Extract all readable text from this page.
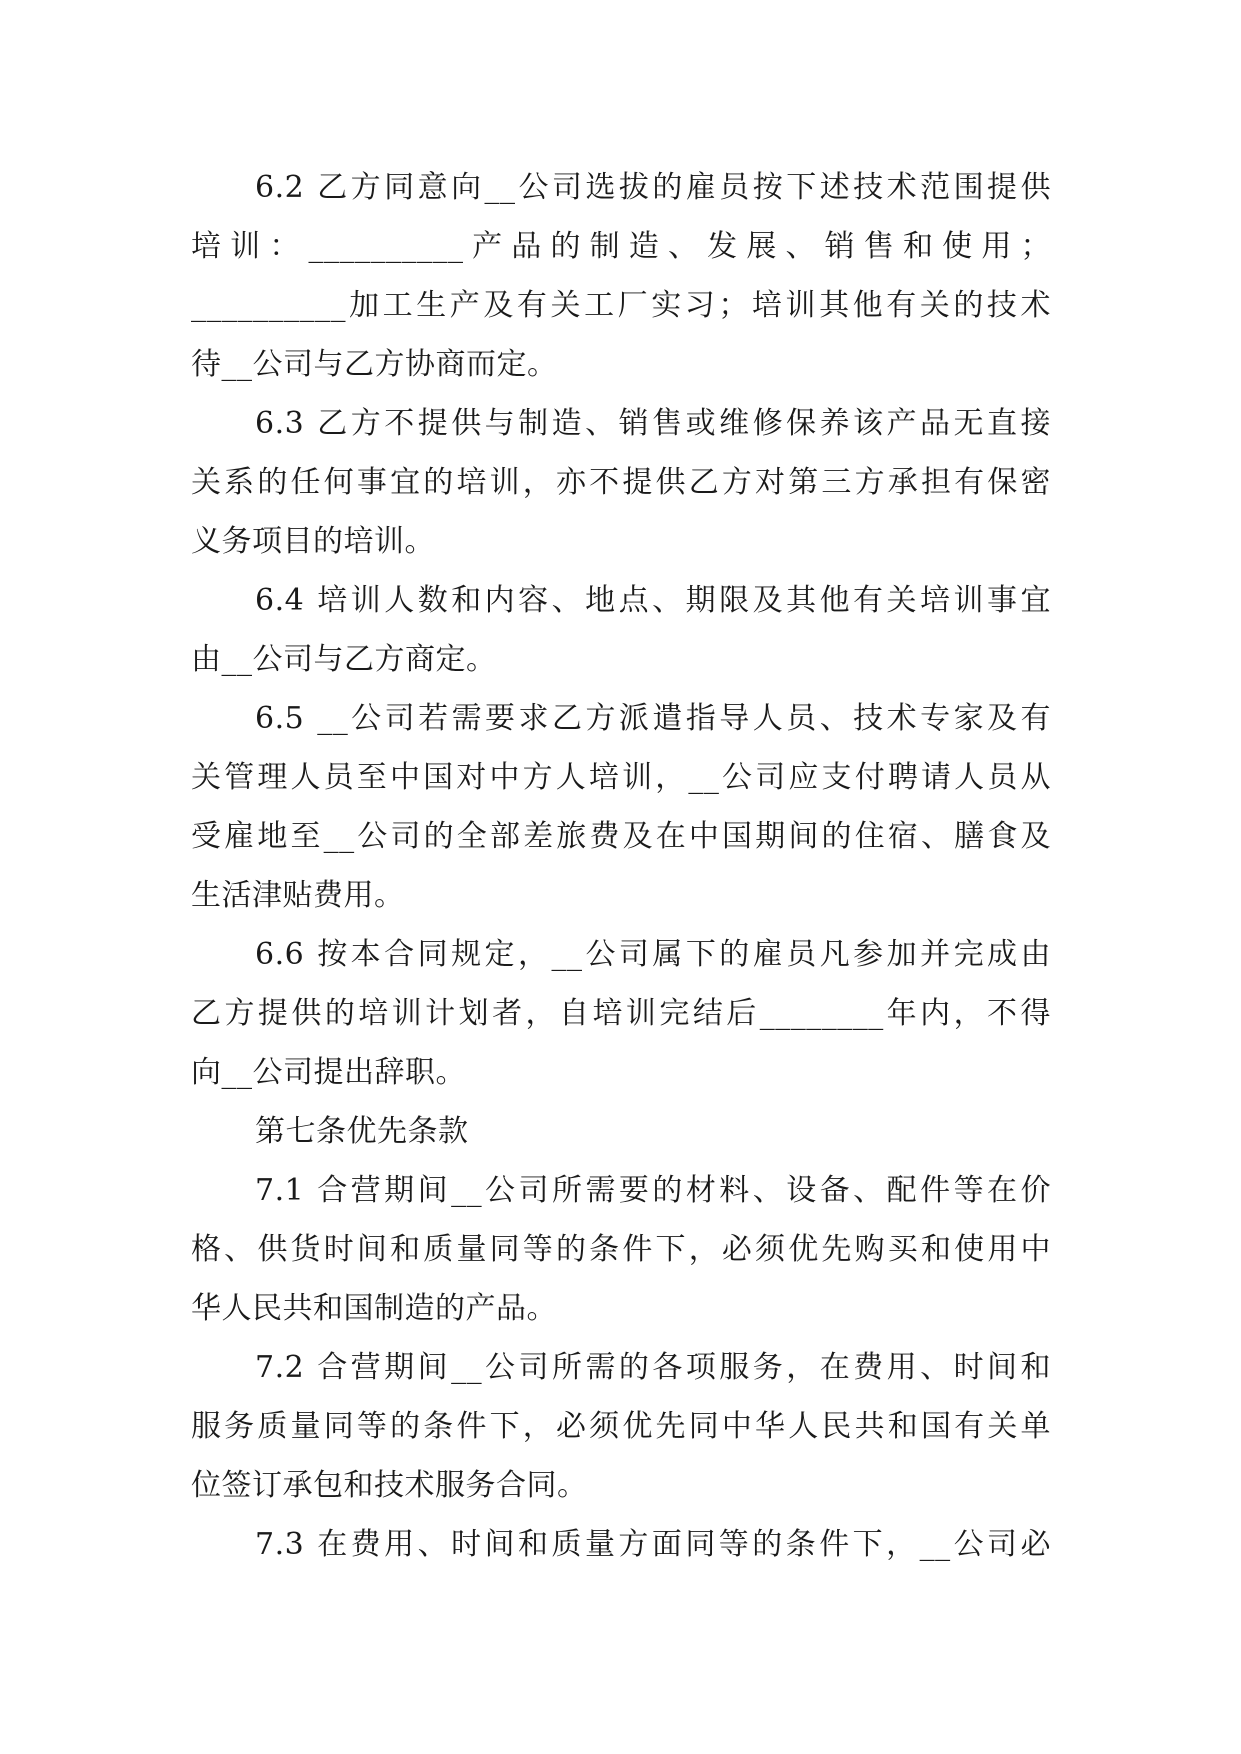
6.2 乙方同意向__公司选拔的雇员按下述技术范围提供
培训：__________产品的制造、发展、销售和使用；
__________加工生产及有关工厂实习；培训其他有关的技术
待__公司与乙方协商而定。
6.3 乙方不提供与制造、销售或维修保养该产品无直接
关系的任何事宜的培训，亦不提供乙方对第三方承担有保密
义务项目的培训。
6.4 培训人数和内容、地点、期限及其他有关培训事宜
由__公司与乙方商定。
6.5 __公司若需要求乙方派遣指导人员、技术专家及有
关管理人员至中国对中方人培训，__公司应支付聘请人员从
受雇地至__公司的全部差旅费及在中国期间的住宿、膳食及
生活津贴费用。
6.6 按本合同规定，__公司属下的雇员凡参加并完成由
乙方提供的培训计划者，自培训完结后________年内，不得
向__公司提出辞职。
第七条优先条款
7.1 合营期间__公司所需要的材料、设备、配件等在价
格、供货时间和质量同等的条件下，必须优先购买和使用中
华人民共和国制造的产品。
7.2 合营期间__公司所需的各项服务，在费用、时间和
服务质量同等的条件下，必须优先同中华人民共和国有关单
位签订承包和技术服务合同。
7.3 在费用、时间和质量方面同等的条件下，__公司必
